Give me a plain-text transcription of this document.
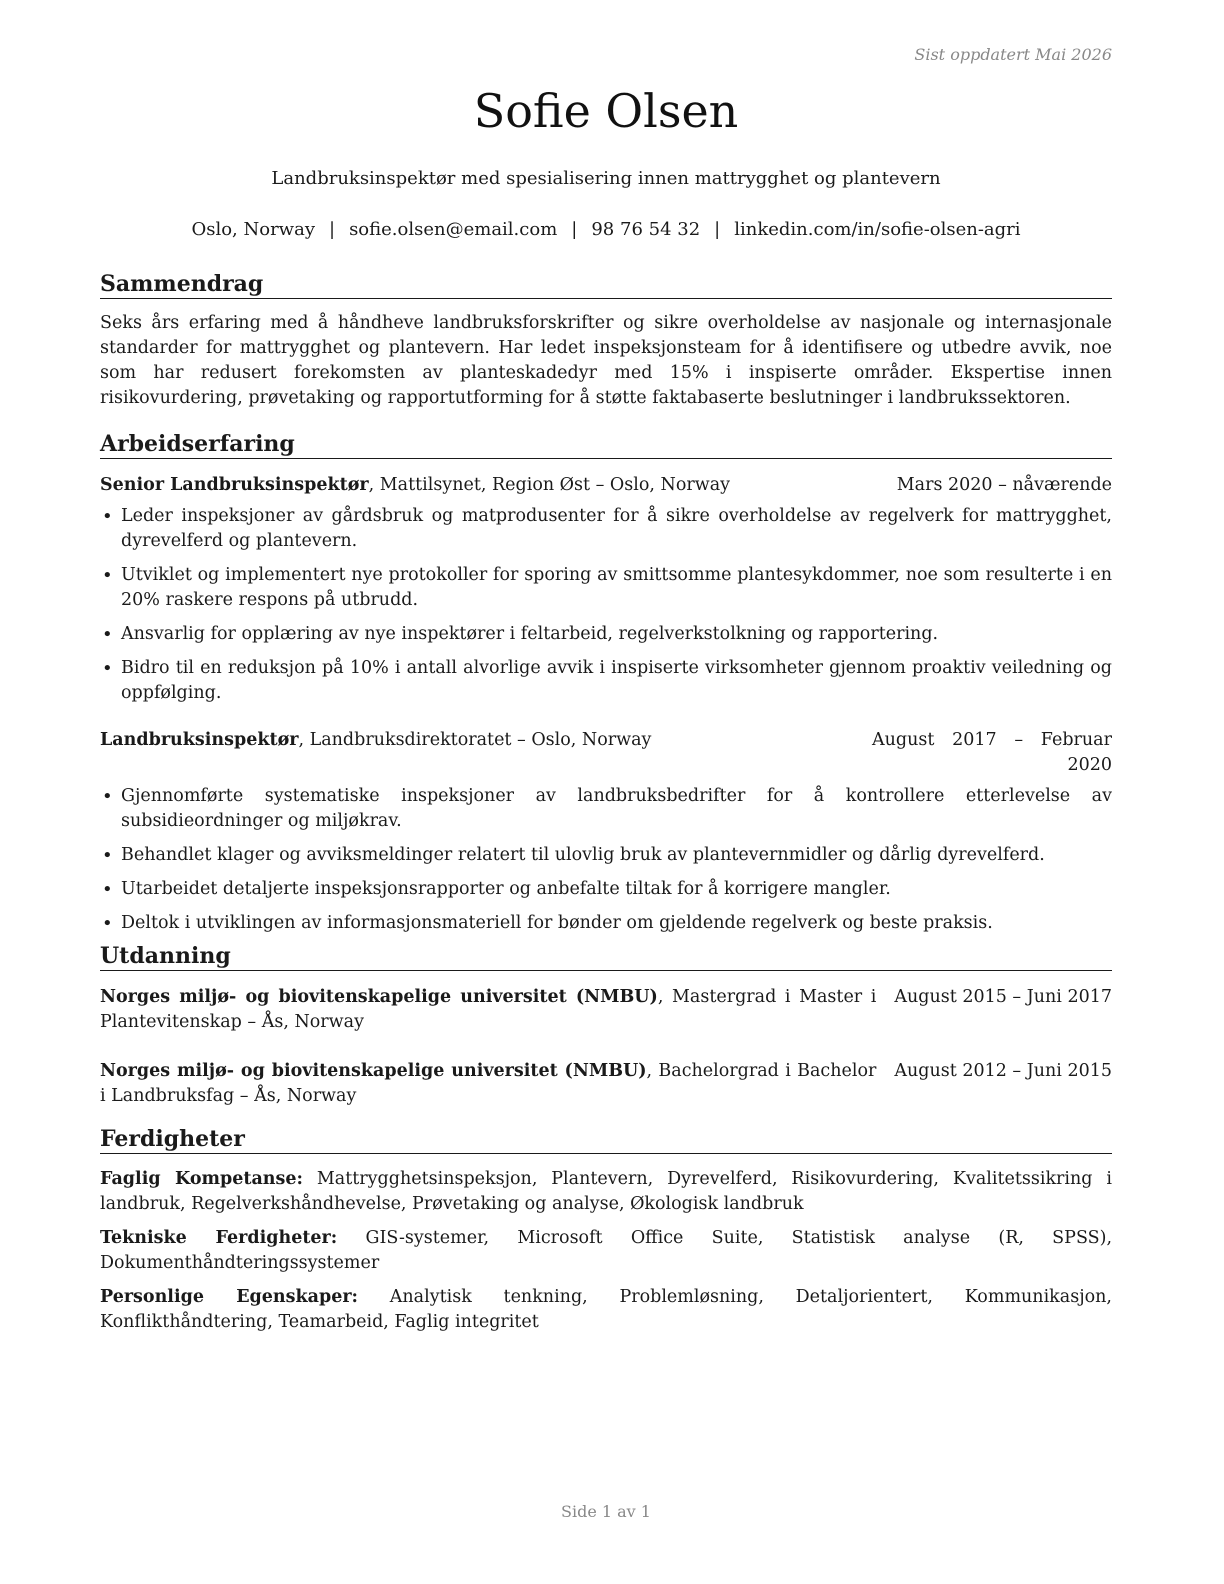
Sist oppdatert Mai 2026

Sofie Olsen

Landbruksinspektør med spesialisering innen mattrygghet og plantevern

Oslo, Norway | sofie.olsen@email.com | 98 76 54 32 | linkedin.com/in/sofie-olsen-agri

Sammendrag

Seks års erfaring med å håndheve landbruksforskrifter og sikre overholdelse av nasjonale og internasjonale standarder for mattrygghet og plantevern. Har ledet inspeksjonsteam for å identifisere og utbedre avvik, noe som har redusert forekomsten av planteskadedyr med 15% i inspiserte områder. Ekspertise innen risikovurdering, prøvetaking og rapportutforming for å støtte faktabaserte beslutninger i landbrukssektoren.

Arbeidserfaring
Senior Landbruksinspektør, Mattilsynet, Region Øst – Oslo, Norway	Mars 2020 – nåværende
• Leder inspeksjoner av gårdsbruk og matprodusenter for å sikre overholdelse av regelverk for mattrygghet, dyrevelferd og plantevern.
• Utviklet og implementert nye protokoller for sporing av smittsomme plantesykdommer, noe som resulterte i en 20% raskere respons på utbrudd.
• Ansvarlig for opplæring av nye inspektører i feltarbeid, regelverkstolkning og rapportering.
• Bidro til en reduksjon på 10% i antall alvorlige avvik i inspiserte virksomheter gjennom proaktiv veiledning og oppfølging.
Landbruksinspektør, Landbruksdirektoratet – Oslo, Norway	August 2017 – Februar 2020
• Gjennomførte systematiske inspeksjoner av landbruksbedrifter for å kontrollere etterlevelse av subsidieordninger og miljøkrav.
• Behandlet klager og avviksmeldinger relatert til ulovlig bruk av plantevernmidler og dårlig dyrevelferd.
• Utarbeidet detaljerte inspeksjonsrapporter og anbefalte tiltak for å korrigere mangler.
• Deltok i utviklingen av informasjonsmateriell for bønder om gjeldende regelverk og beste praksis.
Utdanning
Norges miljø- og biovitenskapelige universitet (NMBU), Mastergrad i Master i Plantevitenskap – Ås, Norway
August 2015 – Juni 2017
Norges miljø- og biovitenskapelige universitet (NMBU), Bachelorgrad i Bachelor i Landbruksfag – Ås, Norway
August 2012 – Juni 2015
Ferdigheter

Faglig Kompetanse: Mattrygghetsinspeksjon, Plantevern, Dyrevelferd, Risikovurdering, Kvalitetssikring i landbruk, Regelverkshåndhevelse, Prøvetaking og analyse, Økologisk landbruk

Tekniske Ferdigheter: GIS-systemer, Microsoft Office Suite, Statistisk analyse (R, SPSS), Dokumenthåndteringssystemer

Personlige Egenskaper: Analytisk tenkning, Problemløsning, Detaljorientert, Kommunikasjon, Konflikthåndtering, Teamarbeid, Faglig integritet

Side 1 av 1
